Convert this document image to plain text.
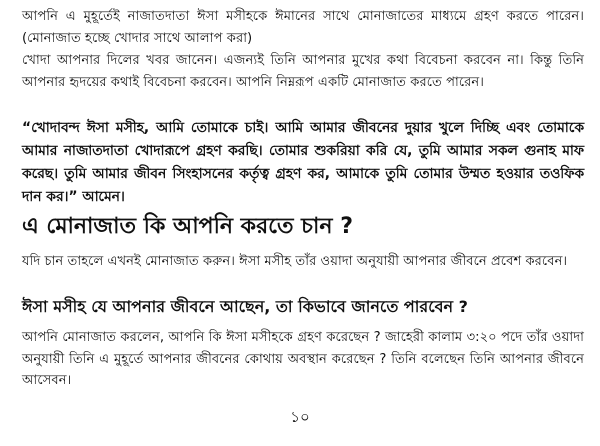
আপনি এ মুহূর্তেই নাজাতদাতা ঈসা মসীহকে ঈমানের সাথে মোনাজাতের মাধ্যমে গ্রহণ করতে পারেন। (মোনাজাত হচ্ছে খোদার সাথে আলাপ করা)
খোদা আপনার দিলের খবর জানেন। এজন্যই তিনি আপনার মুখের কথা বিবেচনা করবেন না। কিন্তু তিনি আপনার হৃদয়ের কথাই বিবেচনা করবেন। আপনি নিম্নরূপ একটি মোনাজাত করতে পারেন।
“খোদাবন্দ ঈসা মসীহ, আমি তোমাকে চাই। আমি আমার জীবনের দুয়ার খুলে দিচ্ছি এবং তোমাকে আমার নাজাতদাতা খোদারূপে গ্রহণ করছি। তোমার শুকরিয়া করি যে, তুমি আমার সকল গুনাহ মাফ করেছ। তুমি আমার জীবন সিংহাসনের কর্তৃত্ব গ্রহণ কর, আমাকে তুমি তোমার উম্মত হওয়ার তওফিক দান কর।” আমেন।
এ মোনাজাত কি আপনি করতে চান ?
যদি চান তাহলে এখনই মোনাজাত করুন। ঈসা মসীহ তাঁর ওয়াদা অনুযায়ী আপনার জীবনে প্রবেশ করবেন।
ঈসা মসীহ যে আপনার জীবনে আছেন, তা কিভাবে জানতে পারবেন ?
আপনি মোনাজাত করলেন, আপনি কি ঈসা মসীহকে গ্রহণ করেছেন ? জাহেরী কালাম ৩:২০ পদে তাঁর ওয়াদা অনুযায়ী তিনি এ মুহূর্তে আপনার জীবনের কোথায় অবস্থান করেছেন ? তিনি বলেছেন তিনি আপনার জীবনে আসেবন।
১০
